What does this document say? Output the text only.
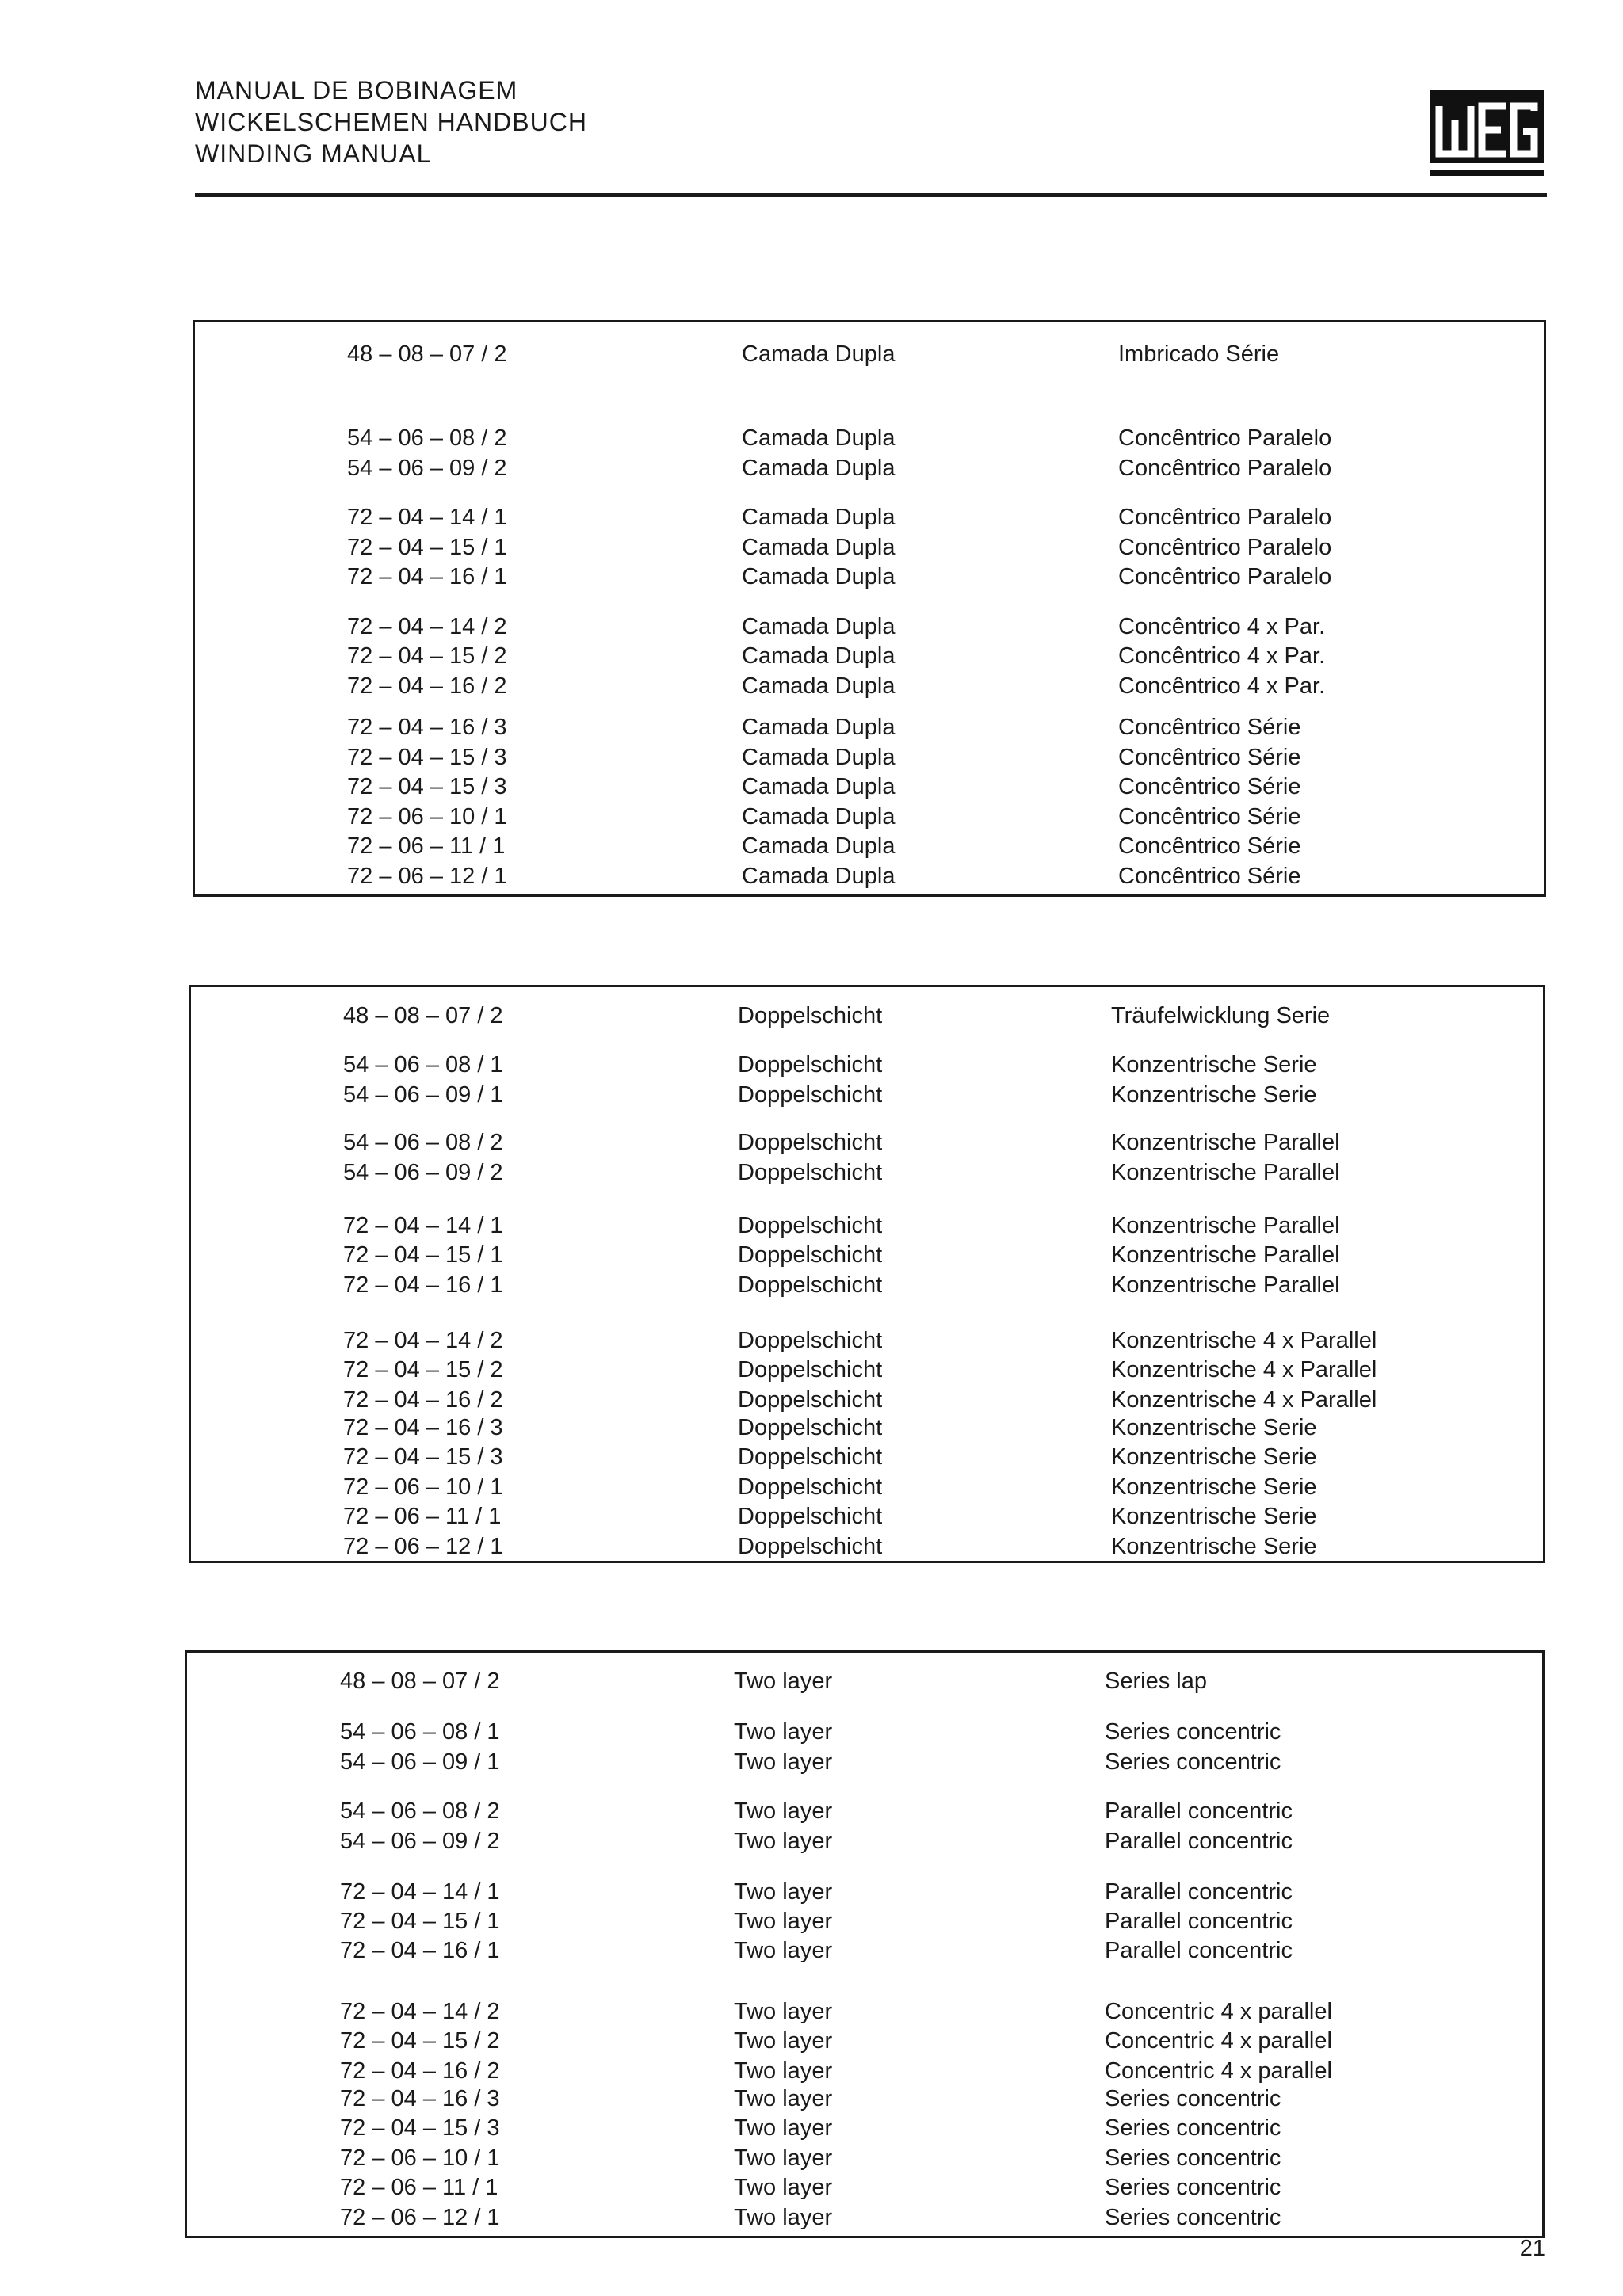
MANUAL DE BOBINAGEM
WICKELSCHEMEN HANDBUCH
WINDING MANUAL
48 – 08 – 07 / 2	Camada Dupla	Imbricado Série
54 – 06 – 08 / 2	Camada Dupla	Concêntrico Paralelo
54 – 06 – 09 / 2	Camada Dupla	Concêntrico Paralelo
72 – 04 – 14 / 1	Camada Dupla	Concêntrico Paralelo
72 – 04 – 15 / 1	Camada Dupla	Concêntrico Paralelo
72 – 04 – 16 / 1	Camada Dupla	Concêntrico Paralelo
72 – 04 – 14 / 2	Camada Dupla	Concêntrico 4 x Par.
72 – 04 – 15 / 2	Camada Dupla	Concêntrico 4 x Par.
72 – 04 – 16 / 2	Camada Dupla	Concêntrico 4 x Par.
72 – 04 – 16 / 3	Camada Dupla	Concêntrico Série
72 – 04 – 15 / 3	Camada Dupla	Concêntrico Série
72 – 04 – 15 / 3	Camada Dupla	Concêntrico Série
72 – 06 – 10 / 1	Camada Dupla	Concêntrico Série
72 – 06 – 11 / 1	Camada Dupla	Concêntrico Série
72 – 06 – 12 / 1	Camada Dupla	Concêntrico Série
48 – 08 – 07 / 2	Doppelschicht	Träufelwicklung Serie
54 – 06 – 08 / 1	Doppelschicht	Konzentrische Serie
54 – 06 – 09 / 1	Doppelschicht	Konzentrische Serie
54 – 06 – 08 / 2	Doppelschicht	Konzentrische Parallel
54 – 06 – 09 / 2	Doppelschicht	Konzentrische Parallel
72 – 04 – 14 / 1	Doppelschicht	Konzentrische Parallel
72 – 04 – 15 / 1	Doppelschicht	Konzentrische Parallel
72 – 04 – 16 / 1	Doppelschicht	Konzentrische Parallel
72 – 04 – 14 / 2	Doppelschicht	Konzentrische 4 x Parallel
72 – 04 – 15 / 2	Doppelschicht	Konzentrische 4 x Parallel
72 – 04 – 16 / 2	Doppelschicht	Konzentrische 4 x Parallel
72 – 04 – 16 / 3	Doppelschicht	Konzentrische Serie
72 – 04 – 15 / 3	Doppelschicht	Konzentrische Serie
72 – 06 – 10 / 1	Doppelschicht	Konzentrische Serie
72 – 06 – 11 / 1	Doppelschicht	Konzentrische Serie
72 – 06 – 12 / 1	Doppelschicht	Konzentrische Serie
48 – 08 – 07 / 2	Two layer	Series lap
54 – 06 – 08 / 1	Two layer	Series concentric
54 – 06 – 09 / 1	Two layer	Series concentric
54 – 06 – 08 / 2	Two layer	Parallel concentric
54 – 06 – 09 / 2	Two layer	Parallel concentric
72 – 04 – 14 / 1	Two layer	Parallel concentric
72 – 04 – 15 / 1	Two layer	Parallel concentric
72 – 04 – 16 / 1	Two layer	Parallel concentric
72 – 04 – 14 / 2	Two layer	Concentric 4 x parallel
72 – 04 – 15 / 2	Two layer	Concentric 4 x parallel
72 – 04 – 16 / 2	Two layer	Concentric 4 x parallel
72 – 04 – 16 / 3	Two layer	Series concentric
72 – 04 – 15 / 3	Two layer	Series concentric
72 – 06 – 10 / 1	Two layer	Series concentric
72 – 06 – 11 / 1	Two layer	Series concentric
72 – 06 – 12 / 1	Two layer	Series concentric
21
